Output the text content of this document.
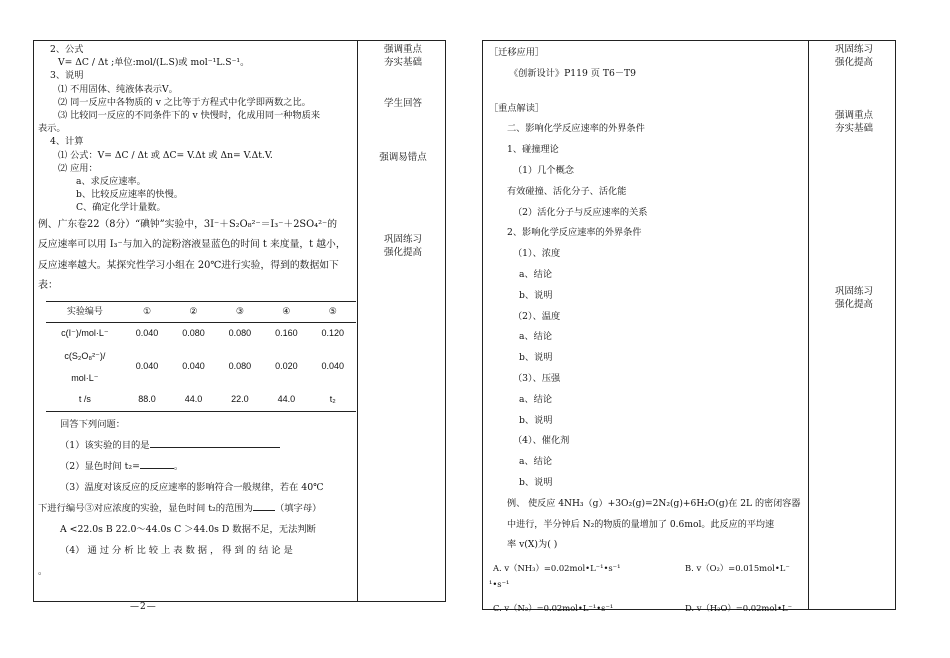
2、公式
V= ΔC / Δt ;单位:mol/(L.S)或 mol⁻¹L.S⁻¹。
3、说明
⑴ 不用固体、纯液体表示V。
⑵ 同一反应中各物质的 v 之比等于方程式中化学即两数之比。
⑶ 比较同一反应的不同条件下的 v 快慢时，化成用同一种物质来
表示。
4、计算
⑴ 公式：V= ΔC / Δt 或 ΔC= V.Δt 或 Δn= V.Δt.V.
⑵ 应用：
a、求反应速率。
b、比较反应速率的快慢。
C、确定化学计量数。
例、广东卷22（8分）“碘钟”实验中，3I⁻＋S₂O₈²⁻＝I₃⁻＋2SO₄²⁻的
反应速率可以用 I₃⁻与加入的淀粉溶液显蓝色的时间 t 来度量，t 越小，
反应速率越大。某探究性学习小组在 20℃进行实验，得到的数据如下
表：
实验编号	①	②	③	④	⑤
c(I⁻)/mol·L⁻	0.040	0.080	0.080	0.160	0.120
c(S₂O₈²⁻)/ mol·L⁻	0.040	0.040	0.080	0.020	0.040
t /s	88.0	44.0	22.0	44.0	t₂
回答下列问题：
（1）该实验的目的是
（2）显色时间 t₂=	。
（3）温度对该反应的反应速率的影响符合一般规律，若在 40℃
下进行编号③对应浓度的实验，显色时间 t₂的范围为 （填字母）
A <22.0s B 22.0～44.0s C ＞44.0s D 数据不足，无法判断
（4） 通 过 分 析 比 较 上 表 数 据 ， 得 到 的 结 论 是
。
强调重点
夯实基础
学生回答
强调易错点
巩固练习
强化提高
—2—
［迁移应用］
《创新设计》P119 页 T6－T9
［重点解读］
二、影响化学反应速率的外界条件
1、碰撞理论
（1）几个概念
有效碰撞、活化分子、活化能
（2）活化分子与反应速率的关系
2、影响化学反应速率的外界条件
（1）、浓度
a、结论
b、说明
（2）、温度
a、结论
b、说明
（3）、压强
a、结论
b、说明
（4）、催化剂
a、结论
b、说明
例、 使反应 4NH₃（g）+3O₂(g)=2N₂(g)+6H₂O(g)在 2L 的密闭容器
中进行，半分钟后 N₂的物质的量增加了 0.6mol。此反应的平均速
率 v(X)为( )
A. v（NH₃）=0.02mol•L⁻¹•s⁻¹	B. v（O₂）=0.015mol•L⁻
¹•s⁻¹
C. v（N₂）=0.02mol•L⁻¹•s⁻¹	D. v（H₂O）=0.02mol•L⁻
巩固练习
强化提高
强调重点
夯实基础
巩固练习
强化提高
